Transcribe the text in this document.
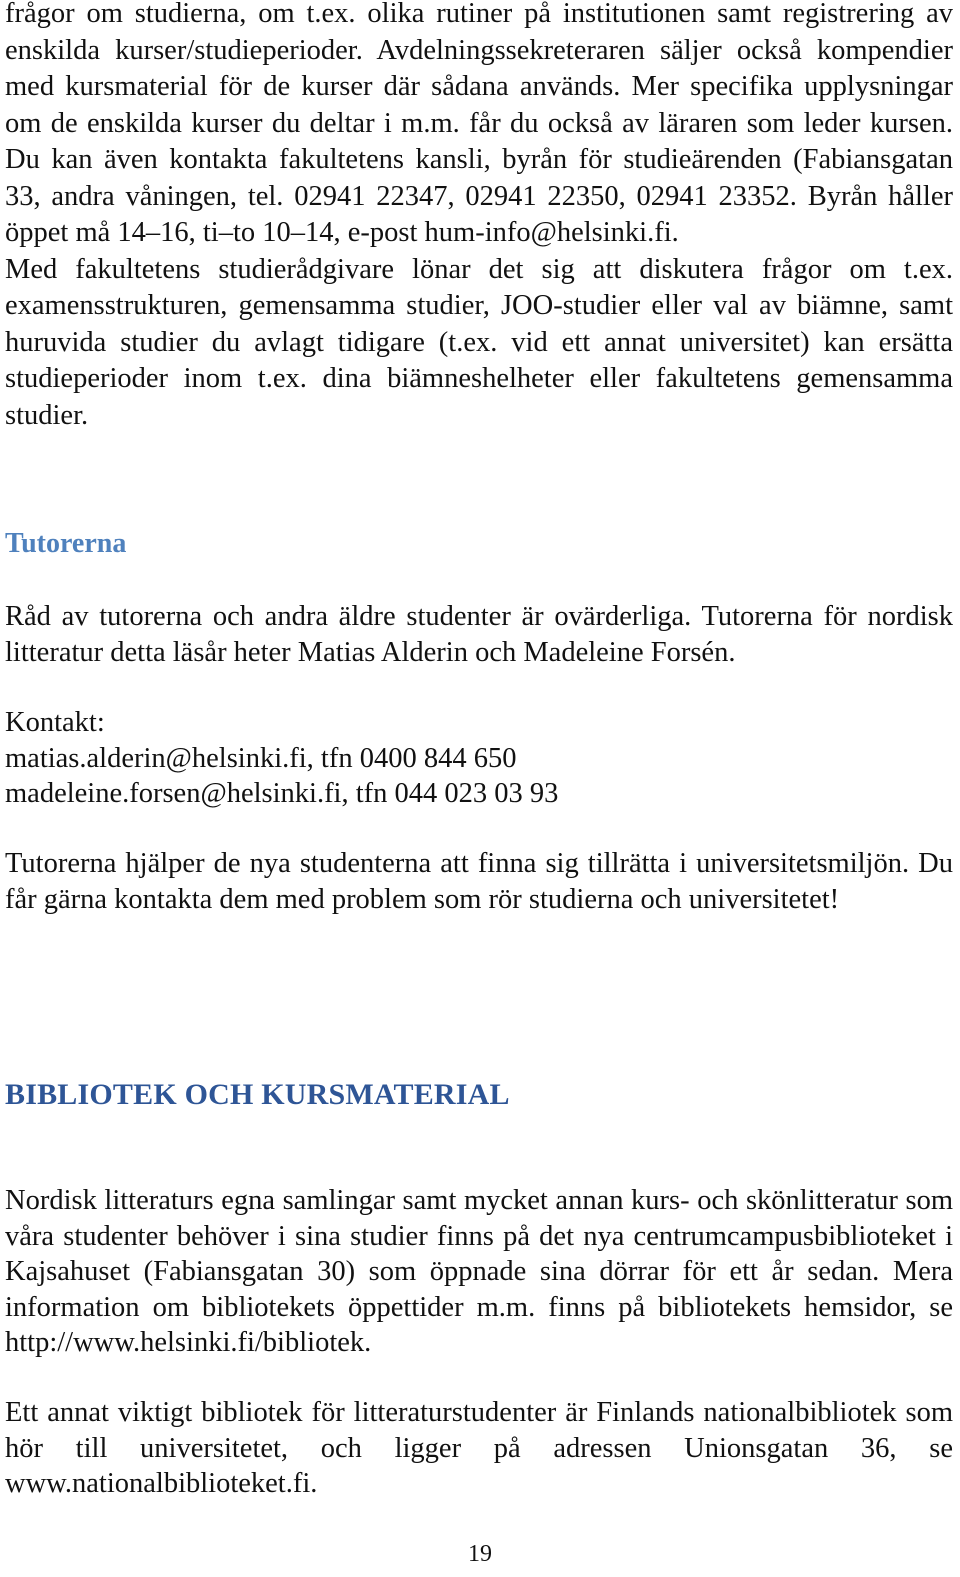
frågor om studierna, om t.ex. olika rutiner på institutionen samt registrering av enskilda kurser/studieperioder. Avdelningssekreteraren säljer också kompendier med kursmaterial för de kurser där sådana används. Mer specifika upplysningar om de enskilda kurser du deltar i m.m. får du också av läraren som leder kursen. Du kan även kontakta fakultetens kansli, byrån för studieärenden (Fabiansgatan 33, andra våningen, tel. 02941 22347, 02941 22350, 02941 23352. Byrån håller öppet må 14–16, ti–to 10–14, e-post hum-info@helsinki.fi.

Med fakultetens studierådgivare lönar det sig att diskutera frågor om t.ex. examensstrukturen, gemensamma studier, JOO-studier eller val av biämne, samt huruvida studier du avlagt tidigare (t.ex. vid ett annat universitet) kan ersätta studieperioder inom t.ex. dina biämneshelheter eller fakultetens gemensamma studier.

Tutorerna

Råd av tutorerna och andra äldre studenter är ovärderliga. Tutorerna för nordisk litteratur detta läsår heter Matias Alderin och Madeleine Forsén.

Kontakt:
matias.alderin@helsinki.fi, tfn 0400 844 650
madeleine.forsen@helsinki.fi, tfn 044 023 03 93

Tutorerna hjälper de nya studenterna att finna sig tillrätta i universitetsmiljön. Du får gärna kontakta dem med problem som rör studierna och universitetet!

BIBLIOTEK OCH KURSMATERIAL

Nordisk litteraturs egna samlingar samt mycket annan kurs- och skönlitteratur som våra studenter behöver i sina studier finns på det nya centrumcampusbiblioteket i Kajsahuset (Fabiansgatan 30) som öppnade sina dörrar för ett år sedan. Mera information om bibliotekets öppettider m.m. finns på bibliotekets hemsidor, se http://www.helsinki.fi/bibliotek.

Ett annat viktigt bibliotek för litteraturstudenter är Finlands nationalbibliotek som hör till universitetet, och ligger på adressen Unionsgatan 36, se www.nationalbiblioteket.fi.

19
